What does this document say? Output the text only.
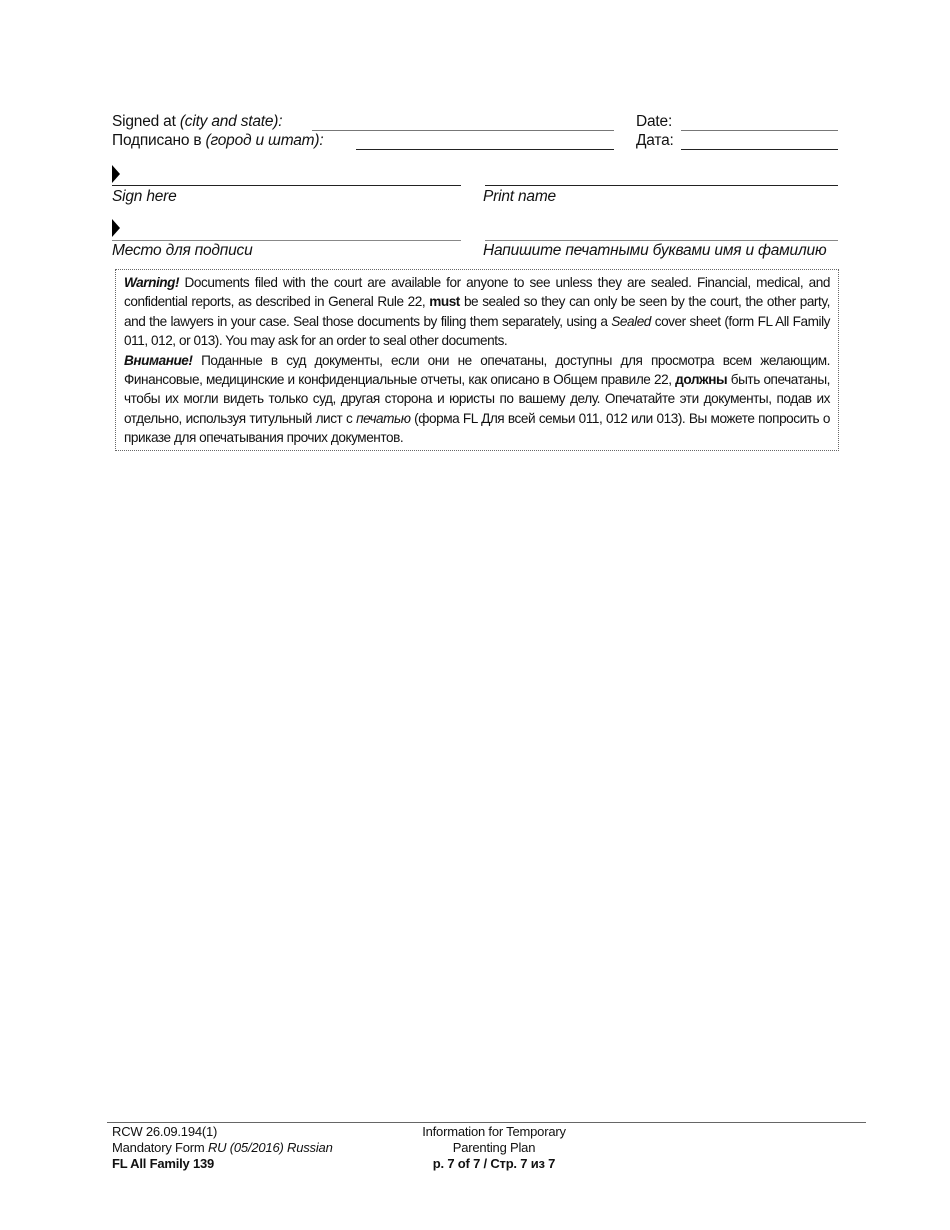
Signed at (city and state):
Подписано в (город и штат):
Date:
Дата:
Sign here	Print name
Место для подписи	Напишите печатными буквами имя и фамилию
Warning! Documents filed with the court are available for anyone to see unless they are sealed. Financial, medical, and confidential reports, as described in General Rule 22, must be sealed so they can only be seen by the court, the other party, and the lawyers in your case. Seal those documents by filing them separately, using a Sealed cover sheet (form FL All Family 011, 012, or 013). You may ask for an order to seal other documents.
Внимание! Поданные в суд документы, если они не опечатаны, доступны для просмотра всем желающим. Финансовые, медицинские и конфиденциальные отчеты, как описано в Общем правиле 22, должны быть опечатаны, чтобы их могли видеть только суд, другая сторона и юристы по вашему делу. Опечатайте эти документы, подав их отдельно, используя титульный лист с печатью (форма FL Для всей семьи 011, 012 или 013). Вы можете попросить о приказе для опечатывания прочих документов.
RCW 26.09.194(1)
Mandatory Form RU (05/2016) Russian
FL All Family 139
Information for Temporary
Parenting Plan
p. 7 of 7 / Стр. 7 из 7
